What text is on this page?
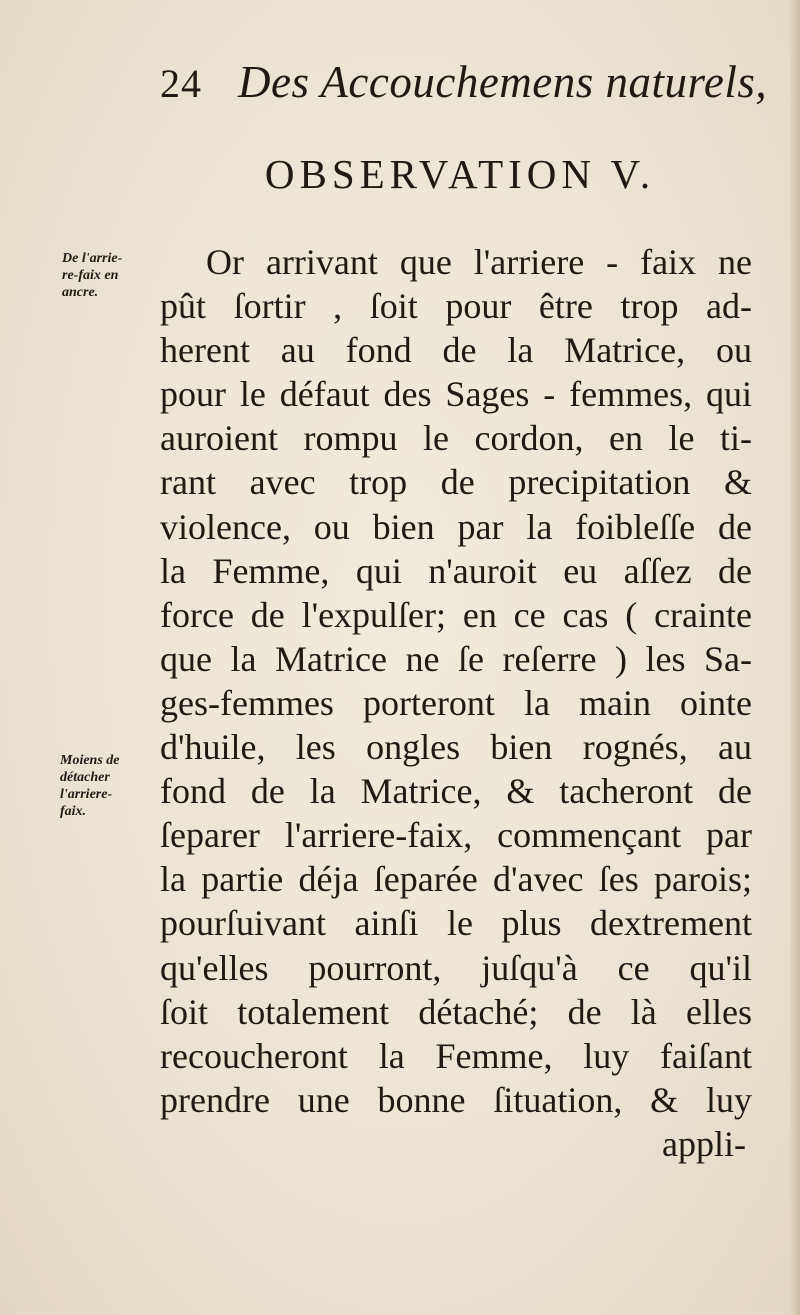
24 Des Accouchemens naturels,
OBSERVATION V.
De l'arrie-
re-faix en
ancre.
Moiens de
détacher
l'arriere-
faix.
Or arrivant que l'arriere - faix ne
pût ſortir , ſoit pour être trop ad-
herent au fond de la Matrice, ou
pour le défaut des Sages - femmes, qui
auroient rompu le cordon, en le ti-
rant avec trop de precipitation &
violence, ou bien par la foibleſſe de
la Femme, qui n'auroit eu aſſez de
force de l'expulſer; en ce cas ( crainte
que la Matrice ne ſe reſerre ) les Sa-
ges-femmes porteront la main ointe
d'huile, les ongles bien rognés, au
fond de la Matrice, & tacheront de
ſeparer l'arriere-faix, commençant par
la partie déja ſeparée d'avec ſes parois;
pourſuivant ainſi le plus dextrement
qu'elles pourront, juſqu'à ce qu'il
ſoit totalement détaché; de là elles
recoucheront la Femme, luy faiſant
prendre une bonne ſituation, & luy
appli-
